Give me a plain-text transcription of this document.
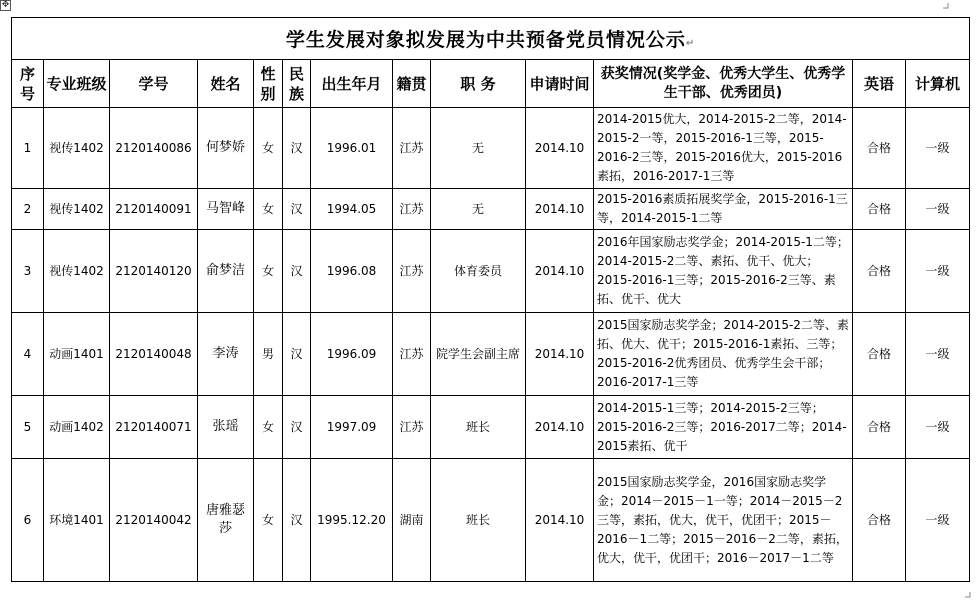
✥
学生发展对象拟发展为中共预备党员情况公示↵												
序号	专业班级	学号	姓名	性别	民族	出生年月	籍贯	职 务	申请时间	获奖情况(奖学金、优秀大学生、优秀学生干部、优秀团员)	英语	计算机
1	视传1402	2120140086	何梦娇	女	汉	1996.01	江苏	无	2014.10	2014-2015优大，2014-2015-2二等，2014-2015-2一等，2015-2016-1三等，2015-2016-2三等，2015-2016优大，2015-2016素拓，2016-2017-1三等	合格	一级
2	视传1402	2120140091	马智峰	女	汉	1994.05	江苏	无	2014.10	2015-2016素质拓展奖学金，2015-2016-1三等，2014-2015-1二等	合格	一级
3	视传1402	2120140120	俞梦洁	女	汉	1996.08	江苏	体育委员	2014.10	2016年国家励志奖学金；2014-2015-1二等；2014-2015-2二等、素拓、优干、优大；2015-2016-1三等；2015-2016-2三等、素拓、优干、优大	合格	一级
4	动画1401	2120140048	李涛	男	汉	1996.09	江苏	院学生会副主席	2014.10	2015国家励志奖学金；2014-2015-2二等、素拓、优大、优干；2015-2016-1素拓、三等；2015-2016-2优秀团员、优秀学生会干部；2016-2017-1三等	合格	一级
5	动画1402	2120140071	张瑶	女	汉	1997.09	江苏	班长	2014.10	2014-2015-1三等；2014-2015-2三等；2015-2016-2三等；2016-2017二等；2014-2015素拓、优干	合格	一级
6	环境1401	2120140042	唐雅瑟莎	女	汉	1995.12.20	湖南	班长	2014.10	2015国家励志奖学金，2016国家励志奖学金；2014－2015－1一等；2014－2015－2三等，素拓，优大，优干，优团干；2015－2016－1二等；2015－2016－2二等，素拓，优大，优干，优团干；2016－2017－1二等	合格	一级
